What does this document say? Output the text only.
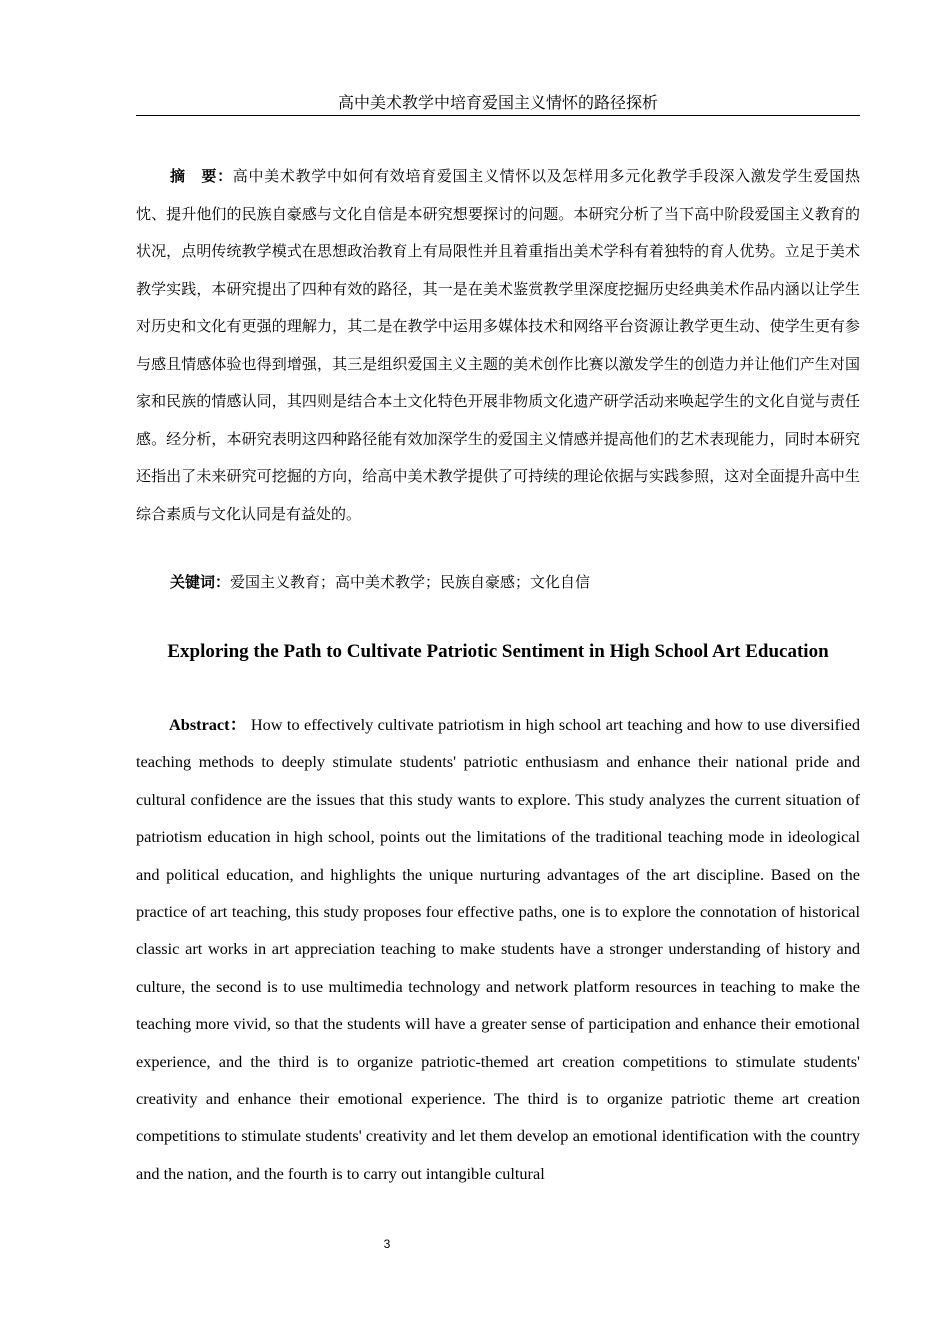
高中美术教学中培育爱国主义情怀的路径探析

摘　要：高中美术教学中如何有效培育爱国主义情怀以及怎样用多元化教学手段深入激发学生爱国热忱、提升他们的民族自豪感与文化自信是本研究想要探讨的问题。本研究分析了当下高中阶段爱国主义教育的状况，点明传统教学模式在思想政治教育上有局限性并且着重指出美术学科有着独特的育人优势。立足于美术教学实践，本研究提出了四种有效的路径，其一是在美术鉴赏教学里深度挖掘历史经典美术作品内涵以让学生对历史和文化有更强的理解力，其二是在教学中运用多媒体技术和网络平台资源让教学更生动、使学生更有参与感且情感体验也得到增强，其三是组织爱国主义主题的美术创作比赛以激发学生的创造力并让他们产生对国家和民族的情感认同，其四则是结合本土文化特色开展非物质文化遗产研学活动来唤起学生的文化自觉与责任感。经分析，本研究表明这四种路径能有效加深学生的爱国主义情感并提高他们的艺术表现能力，同时本研究还指出了未来研究可挖掘的方向，给高中美术教学提供了可持续的理论依据与实践参照，这对全面提升高中生综合素质与文化认同是有益处的。

关键词：爱国主义教育；高中美术教学；民族自豪感；文化自信

Exploring the Path to Cultivate Patriotic Sentiment in High School Art Education

Abstract： How to effectively cultivate patriotism in high school art teaching and how to use diversified teaching methods to deeply stimulate students' patriotic enthusiasm and enhance their national pride and cultural confidence are the issues that this study wants to explore. This study analyzes the current situation of patriotism education in high school, points out the limitations of the traditional teaching mode in ideological and political education, and highlights the unique nurturing advantages of the art discipline. Based on the practice of art teaching, this study proposes four effective paths, one is to explore the connotation of historical classic art works in art appreciation teaching to make students have a stronger understanding of history and culture, the second is to use multimedia technology and network platform resources in teaching to make the teaching more vivid, so that the students will have a greater sense of participation and enhance their emotional experience, and the third is to organize patriotic-themed art creation competitions to stimulate students' creativity and enhance their emotional experience. The third is to organize patriotic theme art creation competitions to stimulate students' creativity and let them develop an emotional identification with the country and the nation, and the fourth is to carry out intangible cultural

3
